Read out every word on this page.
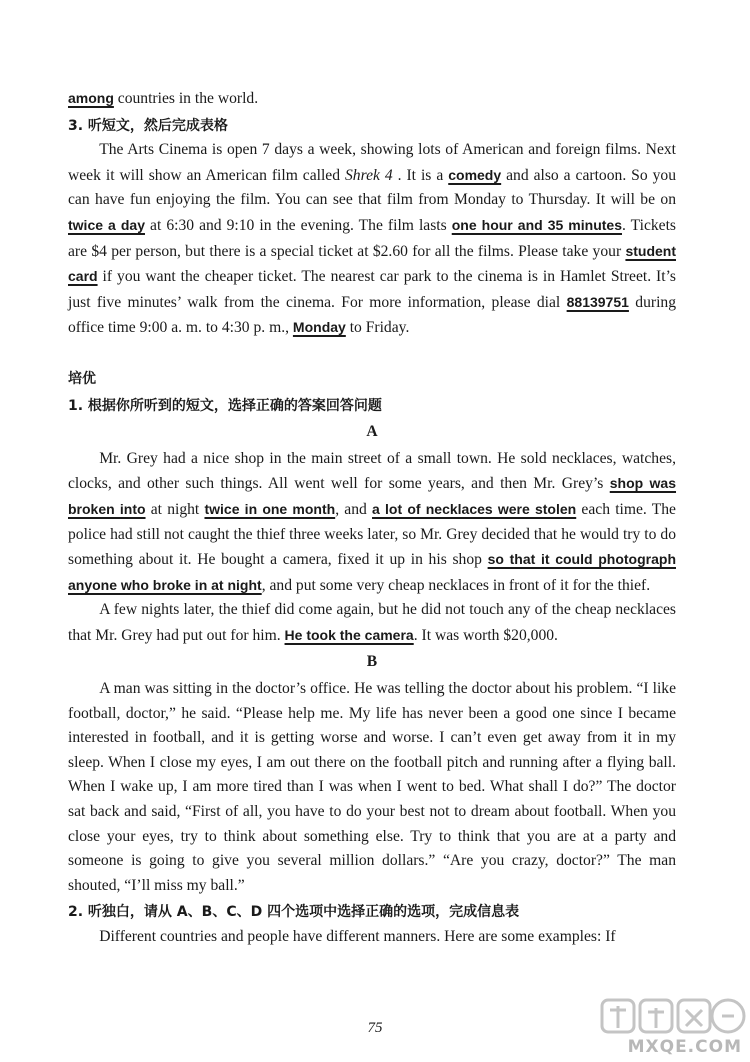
among countries in the world.

3. 听短文，然后完成表格

The Arts Cinema is open 7 days a week, showing lots of American and foreign films. Next week it will show an American film called Shrek 4 . It is a comedy and also a cartoon. So you can have fun enjoying the film. You can see that film from Monday to Thursday. It will be on twice a day at 6:30 and 9:10 in the evening. The film lasts one hour and 35 minutes. Tickets are $4 per person, but there is a special ticket at $2.60 for all the films. Please take your student card if you want the cheaper ticket. The nearest car park to the cinema is in Hamlet Street. It’s just five minutes’ walk from the cinema. For more information, please dial 88139751 during office time 9:00 a. m. to 4:30 p. m., Monday to Friday.

培优

1. 根据你所听到的短文，选择正确的答案回答问题

A

Mr. Grey had a nice shop in the main street of a small town. He sold necklaces, watches, clocks, and other such things. All went well for some years, and then Mr. Grey’s shop was broken into at night twice in one month, and a lot of necklaces were stolen each time. The police had still not caught the thief three weeks later, so Mr. Grey decided that he would try to do something about it. He bought a camera, fixed it up in his shop so that it could photograph anyone who broke in at night, and put some very cheap necklaces in front of it for the thief.

A few nights later, the thief did come again, but he did not touch any of the cheap necklaces that Mr. Grey had put out for him. He took the camera. It was worth $20,000.

B

A man was sitting in the doctor’s office. He was telling the doctor about his problem. “I like football, doctor,” he said. “Please help me. My life has never been a good one since I became interested in football, and it is getting worse and worse. I can’t even get away from it in my sleep. When I close my eyes, I am out there on the football pitch and running after a flying ball. When I wake up, I am more tired than I was when I went to bed. What shall I do?” The doctor sat back and said, “First of all, you have to do your best not to dream about football. When you close your eyes, try to think about something else. Try to think that you are at a party and someone is going to give you several million dollars.” “Are you crazy, doctor?” The man shouted, “I’ll miss my ball.”

2. 听独白，请从 A、B、C、D 四个选项中选择正确的选项，完成信息表

Different countries and people have different manners. Here are some examples: If

75
MXQE.COM
